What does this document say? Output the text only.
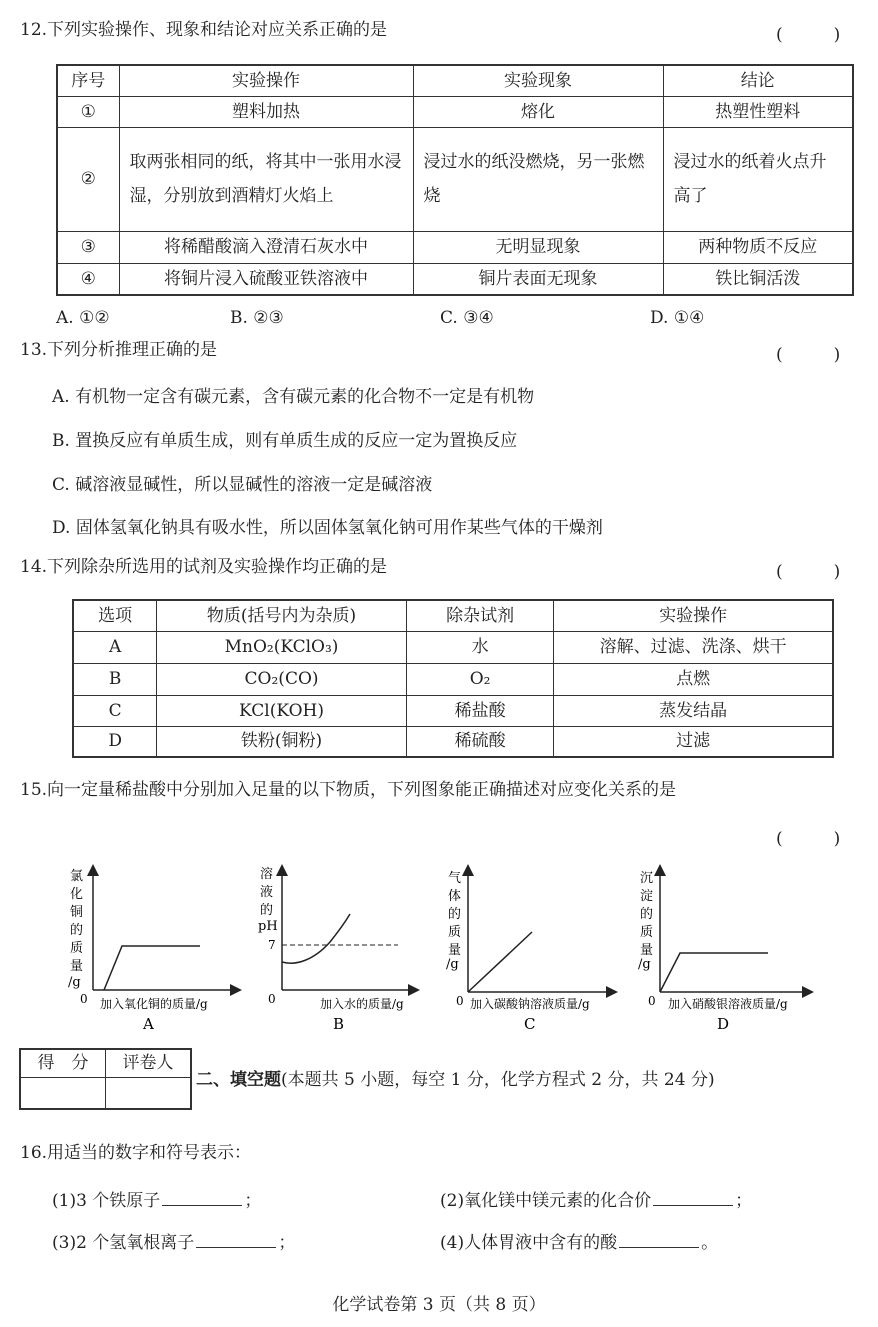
12.下列实验操作、现象和结论对应关系正确的是	(　　　)
序号	实验操作	实验现象	结论
①	塑料加热	熔化	热塑性塑料
②	取两张相同的纸，将其中一张用水浸湿，分别放到酒精灯火焰上	浸过水的纸没燃烧，另一张燃烧	浸过水的纸着火点升高了
③	将稀醋酸滴入澄清石灰水中	无明显现象	两种物质不反应
④	将铜片浸入硫酸亚铁溶液中	铜片表面无现象	铁比铜活泼
A. ①②	B. ②③	C. ③④	D. ①④
13.下列分析推理正确的是	(　　　)
A. 有机物一定含有碳元素，含有碳元素的化合物不一定是有机物
B. 置换反应有单质生成，则有单质生成的反应一定为置换反应
C. 碱溶液显碱性，所以显碱性的溶液一定是碱溶液
D. 固体氢氧化钠具有吸水性，所以固体氢氧化钠可用作某些气体的干燥剂
14.下列除杂所选用的试剂及实验操作均正确的是	(　　　)
选项	物质(括号内为杂质)	除杂试剂	实验操作
A	MnO₂(KClO₃)	水	溶解、过滤、洗涤、烘干
B	CO₂(CO)	O₂	点燃
C	KCl(KOH)	稀盐酸	蒸发结晶
D	铁粉(铜粉)	稀硫酸	过滤
15.向一定量稀盐酸中分别加入足量的以下物质，下列图象能正确描述对应变化关系的是
(　　　)
氯
化
铜
的
质
量
/g
0 加入氧化铜的质量/g
A
溶
液
的
pH
0
7
加入水的质量/g
B
气
体
的
质
量
/g
0 加入碳酸钠溶液质量/g
C
沉
淀
的
质
量
/g
0 加入硝酸银溶液质量/g
D
得　分	评卷人

二、填空题(本题共 5 小题，每空 1 分，化学方程式 2 分，共 24 分)
16.用适当的数字和符号表示：
(1)3 个铁原子	；	(2)氧化镁中镁元素的化合价	；
(3)2 个氢氧根离子	；	(4)人体胃液中含有的酸	。
化学试卷第 3 页（共 8 页）
